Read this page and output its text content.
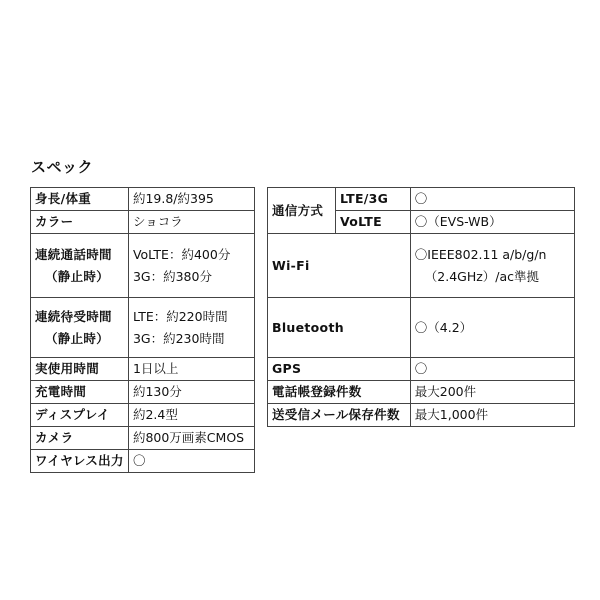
スペック
身長/体重	約19.8/約395
カラー	ショコラ

連続通話時間
（静止時）	VoLTE：約400分
3G：約380分

連続待受時間
（静止時）	LTE：約220時間
3G：約230時間

実使用時間	1日以上
充電時間	約130分
ディスプレイ	約2.4型
カメラ	約800万画素CMOS
ワイヤレス出力	〇
通信方式	LTE/3G	〇
	VoLTE	〇（EVS-WB）
Wi-Fi		〇IEEE802.11 a/b/g/n
（2.4GHz）/ac準拠

Bluetooth		〇（4.2）
GPS		〇
電話帳登録件数		最大200件
送受信メール保存件数		最大1,000件
